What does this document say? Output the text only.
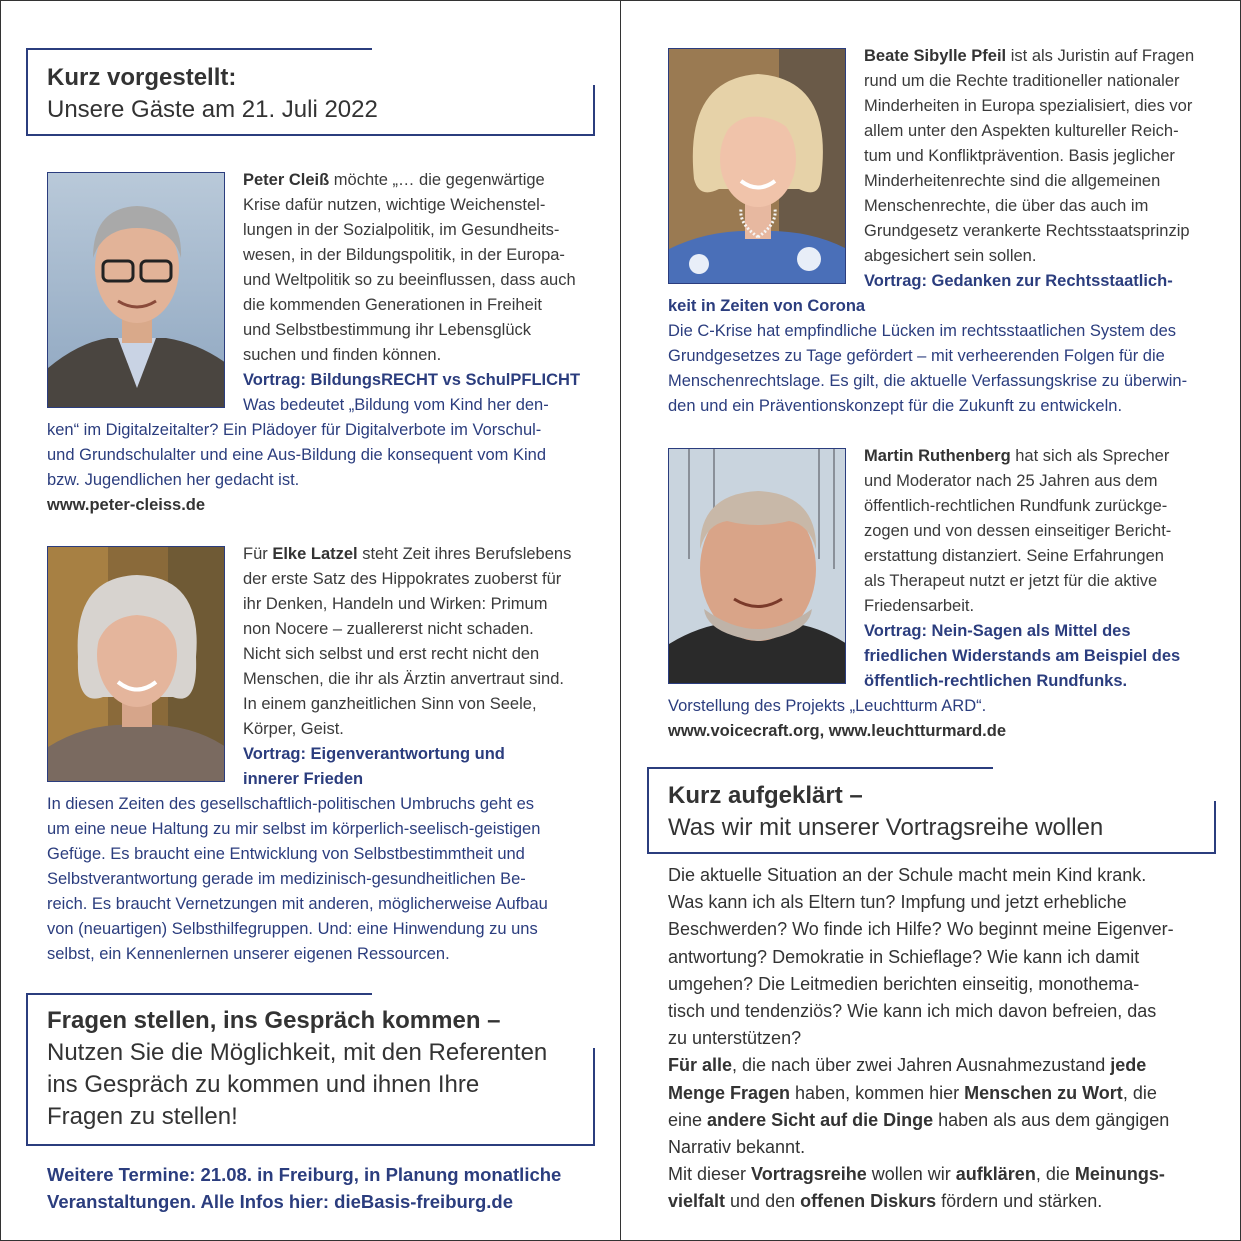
Kurz vorgestellt:
Unsere Gäste am 21. Juli 2022
Peter Cleiß möchte „… die gegenwärtige
Krise dafür nutzen, wichtige Weichenstel-
lungen in der Sozialpolitik, im Gesundheits-
wesen, in der Bildungspolitik, in der Europa-
und Weltpolitik so zu beeinflussen, dass auch
die kommenden Generationen in Freiheit
und Selbstbestimmung ihr Lebensglück
suchen und finden können.
Vortrag: BildungsRECHT vs SchulPFLICHT
Was bedeutet „Bildung vom Kind her den-
ken“ im Digitalzeitalter? Ein Plädoyer für Digitalverbote im Vorschul-
und Grundschulalter und eine Aus-Bildung die konsequent vom Kind
bzw. Jugendlichen her gedacht ist.
www.peter-cleiss.de
Für Elke Latzel steht Zeit ihres Berufslebens
der erste Satz des Hippokrates zuoberst für
ihr Denken, Handeln und Wirken: Primum
non Nocere – zuallererst nicht schaden.
Nicht sich selbst und erst recht nicht den
Menschen, die ihr als Ärztin anvertraut sind.
In einem ganzheitlichen Sinn von Seele,
Körper, Geist.
Vortrag: Eigenverantwortung und
innerer Frieden
In diesen Zeiten des gesellschaftlich-politischen Umbruchs geht es
um eine neue Haltung zu mir selbst im körperlich-seelisch-geistigen
Gefüge. Es braucht eine Entwicklung von Selbstbestimmtheit und
Selbstverantwortung gerade im medizinisch-gesundheitlichen Be-
reich. Es braucht Vernetzungen mit anderen, möglicherweise Aufbau
von (neuartigen) Selbsthilfegruppen. Und: eine Hinwendung zu uns
selbst, ein Kennenlernen unserer eigenen Ressourcen.
Fragen stellen, ins Gespräch kommen –
Nutzen Sie die Möglichkeit, mit den Referenten
ins Gespräch zu kommen und ihnen Ihre
Fragen zu stellen!
Weitere Termine: 21.08. in Freiburg, in Planung monatliche
Veranstaltungen. Alle Infos hier: dieBasis-freiburg.de
Beate Sibylle Pfeil ist als Juristin auf Fragen
rund um die Rechte traditioneller nationaler
Minderheiten in Europa spezialisiert, dies vor
allem unter den Aspekten kultureller Reich-
tum und Konfliktprävention. Basis jeglicher
Minderheitenrechte sind die allgemeinen
Menschenrechte, die über das auch im
Grundgesetz verankerte Rechtsstaatsprinzip
abgesichert sein sollen.
Vortrag: Gedanken zur Rechtsstaatlich-
keit in Zeiten von Corona
Die C-Krise hat empfindliche Lücken im rechtsstaatlichen System des
Grundgesetzes zu Tage gefördert – mit verheerenden Folgen für die
Menschenrechtslage. Es gilt, die aktuelle Verfassungskrise zu überwin-
den und ein Präventionskonzept für die Zukunft zu entwickeln.
Martin Ruthenberg hat sich als Sprecher
und Moderator nach 25 Jahren aus dem
öffentlich-rechtlichen Rundfunk zurückge-
zogen und von dessen einseitiger Bericht-
erstattung distanziert. Seine Erfahrungen
als Therapeut nutzt er jetzt für die aktive
Friedensarbeit.
Vortrag: Nein-Sagen als Mittel des
friedlichen Widerstands am Beispiel des
öffentlich-rechtlichen Rundfunks.
Vorstellung des Projekts „Leuchtturm ARD“.
www.voicecraft.org, www.leuchtturmard.de
Kurz aufgeklärt –
Was wir mit unserer Vortragsreihe wollen
Die aktuelle Situation an der Schule macht mein Kind krank.
Was kann ich als Eltern tun? Impfung und jetzt erhebliche
Beschwerden? Wo finde ich Hilfe? Wo beginnt meine Eigenver-
antwortung? Demokratie in Schieflage? Wie kann ich damit
umgehen? Die Leitmedien berichten einseitig, monothema-
tisch und tendenziös? Wie kann ich mich davon befreien, das
zu unterstützen?
Für alle, die nach über zwei Jahren Ausnahmezustand jede
Menge Fragen haben, kommen hier Menschen zu Wort, die
eine andere Sicht auf die Dinge haben als aus dem gängigen
Narrativ bekannt.
Mit dieser Vortragsreihe wollen wir aufklären, die Meinungs-
vielfalt und den offenen Diskurs fördern und stärken.
